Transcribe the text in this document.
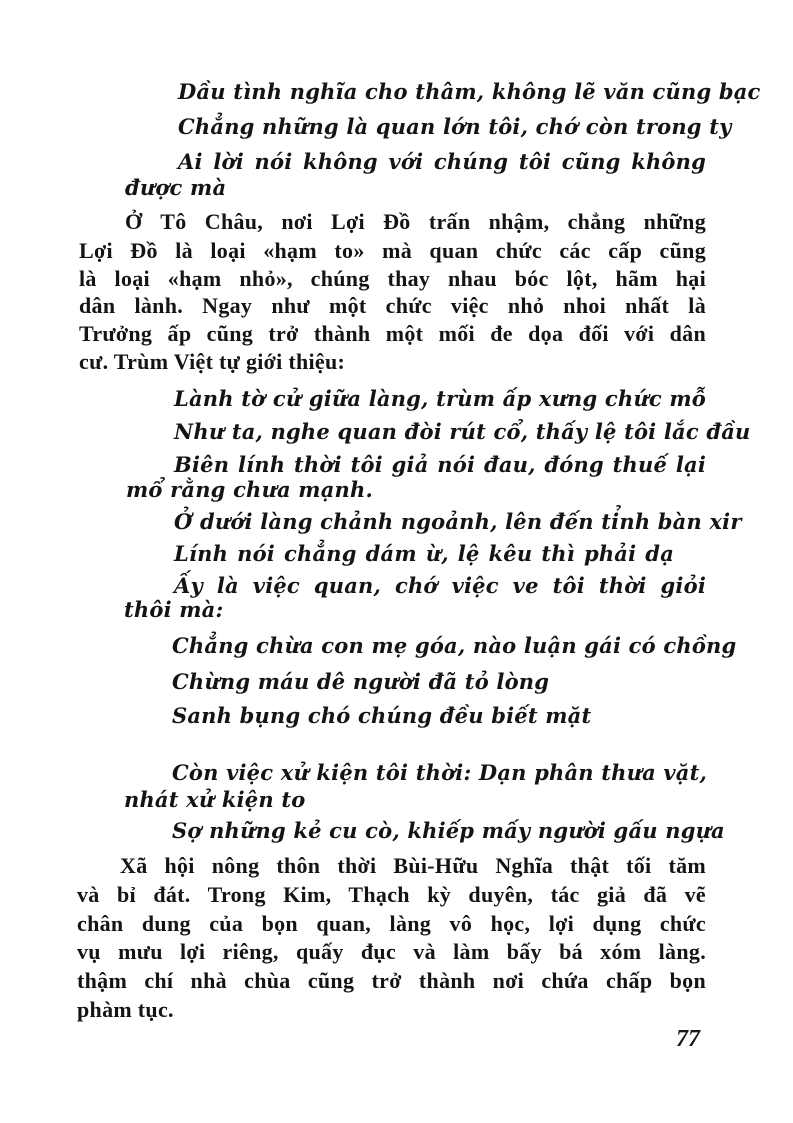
Dầu tình nghĩa cho thâm, không lẽ văn cũng bạc
Chẳng những là quan lớn tôi, chớ còn trong ty
Ai lời nói không với chúng tôi cũng không
được mà
Ở Tô Châu, nơi Lợi Đồ trấn nhậm, chẳng những
Lợi Đồ là loại «hạm to» mà quan chức các cấp cũng
là loại «hạm nhỏ», chúng thay nhau bóc lột, hãm hại
dân lành. Ngay như một chức việc nhỏ nhoi nhất là
Trưởng ấp cũng trở thành một mối đe dọa đối với dân
cư. Trùm Việt tự giới thiệu:
Lành tờ cử giữa làng, trùm ấp xưng chức mỗ
Như ta, nghe quan đòi rút cổ, thấy lệ tôi lắc đầu
Biên lính thời tôi giả nói đau, đóng thuế lại
mổ rằng chưa mạnh.
Ở dưới làng chảnh ngoảnh, lên đến tỉnh bàn xir
Lính nói chẳng dám ừ, lệ kêu thì phải dạ
Ấy là việc quan, chớ việc ve tôi thời giỏi
thôi mà:
Chẳng chừa con mẹ góa, nào luận gái có chồng
Chừng máu dê người đã tỏ lòng
Sanh bụng chó chúng đều biết mặt
Còn việc xử kiện tôi thời: Dạn phân thưa vặt,
nhát xử kiện to
Sợ những kẻ cu cò, khiếp mấy người gấu ngựa
Xã hội nông thôn thời Bùi-Hữu Nghĩa thật tối tăm
và bỉ đát. Trong Kim, Thạch kỳ duyên, tác giả đã vẽ
chân dung của bọn quan, làng vô học, lợi dụng chức
vụ mưu lợi riêng, quấy đục và làm bấy bá xóm làng.
thậm chí nhà chùa cũng trở thành nơi chứa chấp bọn
phàm tục.
77
